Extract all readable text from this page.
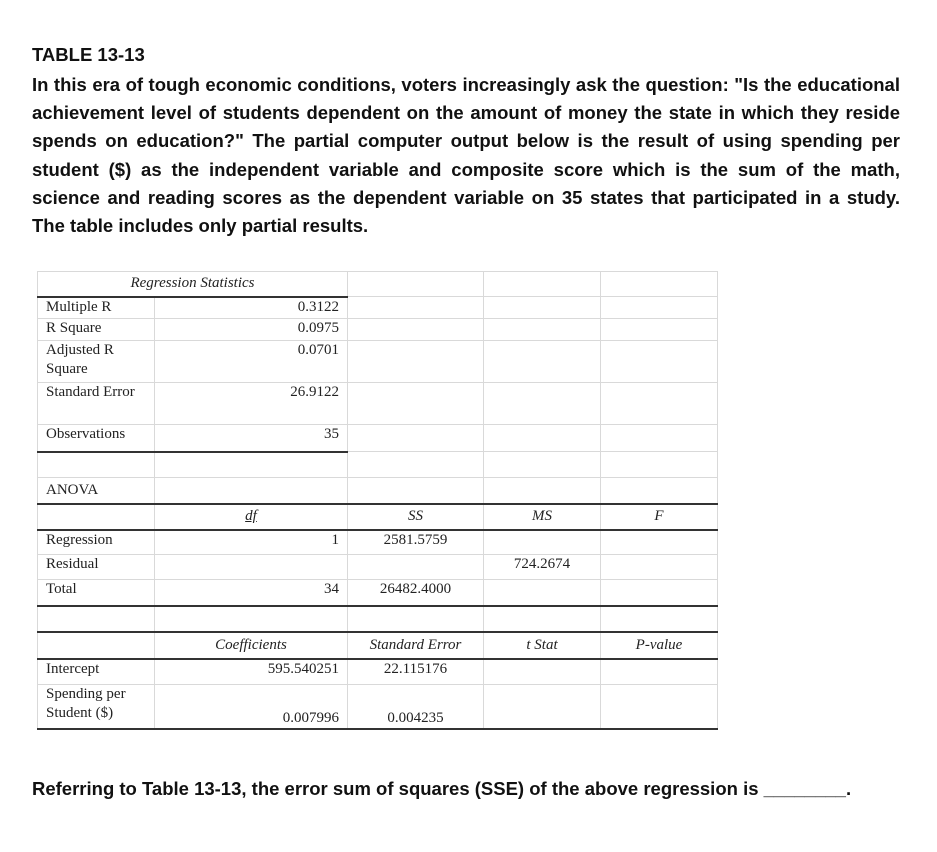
TABLE 13-13

In this era of tough economic conditions, voters increasingly ask the question: "Is the educational achievement level of students dependent on the amount of money the state in which they reside spends on education?" The partial computer output below is the result of using spending per student ($) as the independent variable and composite score which is the sum of the math, science and reading scores as the dependent variable on 35 states that participated in a study. The table includes only partial results.

Regression Statistics				
Multiple R	0.3122			
R Square	0.0975			
Adjusted R Square	0.0701			
Standard Error	26.9122			
Observations	35			

ANOVA				
	df	SS	MS	F
Regression	1	2581.5759		
Residual			724.2674	
Total	34	26482.4000		

	Coefficients	Standard Error	t Stat	P-value
Intercept	595.540251	22.115176		
Spending per Student ($)	0.007996	0.004235		

Referring to Table 13-13, the error sum of squares (SSE) of the above regression is ________.
